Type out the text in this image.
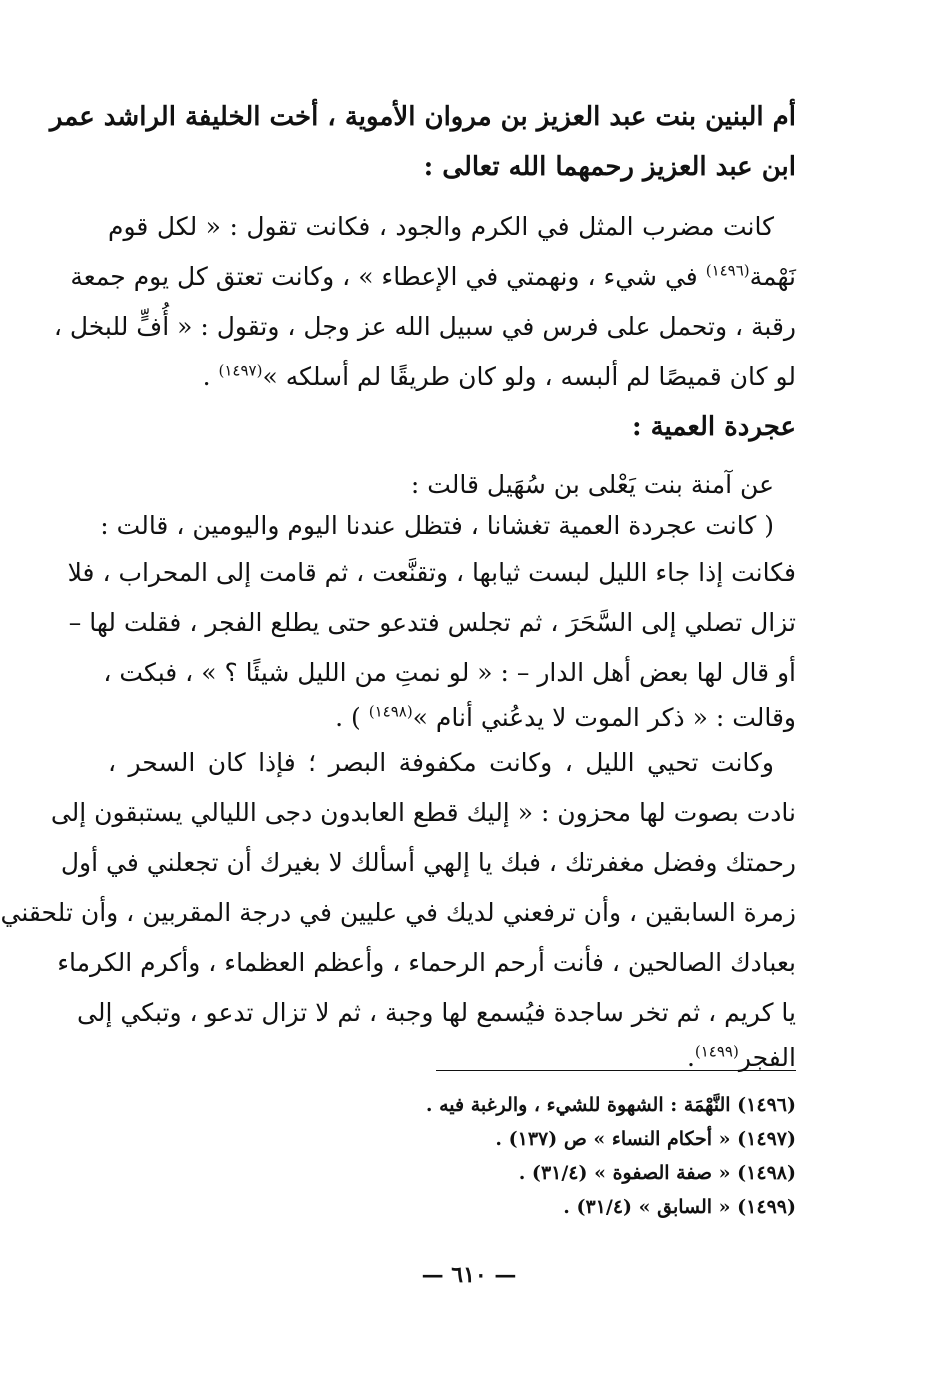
أم البنين بنت عبد العزيز بن مروان الأموية ، أخت الخليفة الراشد عمر
ابن عبد العزيز رحمهما الله تعالى :
كانت مضرب المثل في الكرم والجود ، فكانت تقول : « لكل قوم
نَهْمة$^{(١٤٩٦)}$ في شيء ، ونهمتي في الإعطاء » ، وكانت تعتق كل يوم جمعة
رقبة ، وتحمل على فرس في سبيل الله عز وجل ، وتقول : « أُفٍّ للبخل ،
لو كان قميصًا لم ألبسه ، ولو كان طريقًا لم أسلكه »$^{(١٤٩٧)}$ .
عجردة العمية :
عن آمنة بنت يَعْلى بن سُهَيل قالت :
( كانت عجردة العمية تغشانا ، فتظل عندنا اليوم واليومين ، قالت :
فكانت إذا جاء الليل لبست ثيابها ، وتقنَّعت ، ثم قامت إلى المحراب ، فلا
تزال تصلي إلى السَّحَرَ ، ثم تجلس فتدعو حتى يطلع الفجر ، فقلت لها –
أو قال لها بعض أهل الدار – : « لو نمتِ من الليل شيئًا ؟ » ، فبكت ،
وقالت : « ذكر الموت لا يدعُني أنام »$^{(١٤٩٨)}$ ) .
وكانت تحيي الليل ، وكانت مكفوفة البصر ؛ فإذا كان السحر ،
نادت بصوت لها محزون : « إليك قطع العابدون دجى الليالي يستبقون إلى
رحمتك وفضل مغفرتك ، فبك يا إلهي أسألك لا بغيرك أن تجعلني في أول
زمرة السابقين ، وأن ترفعني لديك في عليين في درجة المقربين ، وأن تلحقني
بعبادك الصالحين ، فأنت أرحم الرحماء ، وأعظم العظماء ، وأكرم الكرماء
يا كريم ، ثم تخر ساجدة فيُسمع لها وجبة ، ثم لا تزال تدعو ، وتبكي إلى
الفجر$^{(١٤٩٩)}$.
(١٤٩٦) النَّهْمَة : الشهوة للشيء ، والرغبة فيه .
(١٤٩٧) « أحكام النساء » ص (١٣٧) .
(١٤٩٨) « صفة الصفوة » (٣١/٤) .
(١٤٩٩) « السابق » (٣١/٤) .
— ٦١٠ —
